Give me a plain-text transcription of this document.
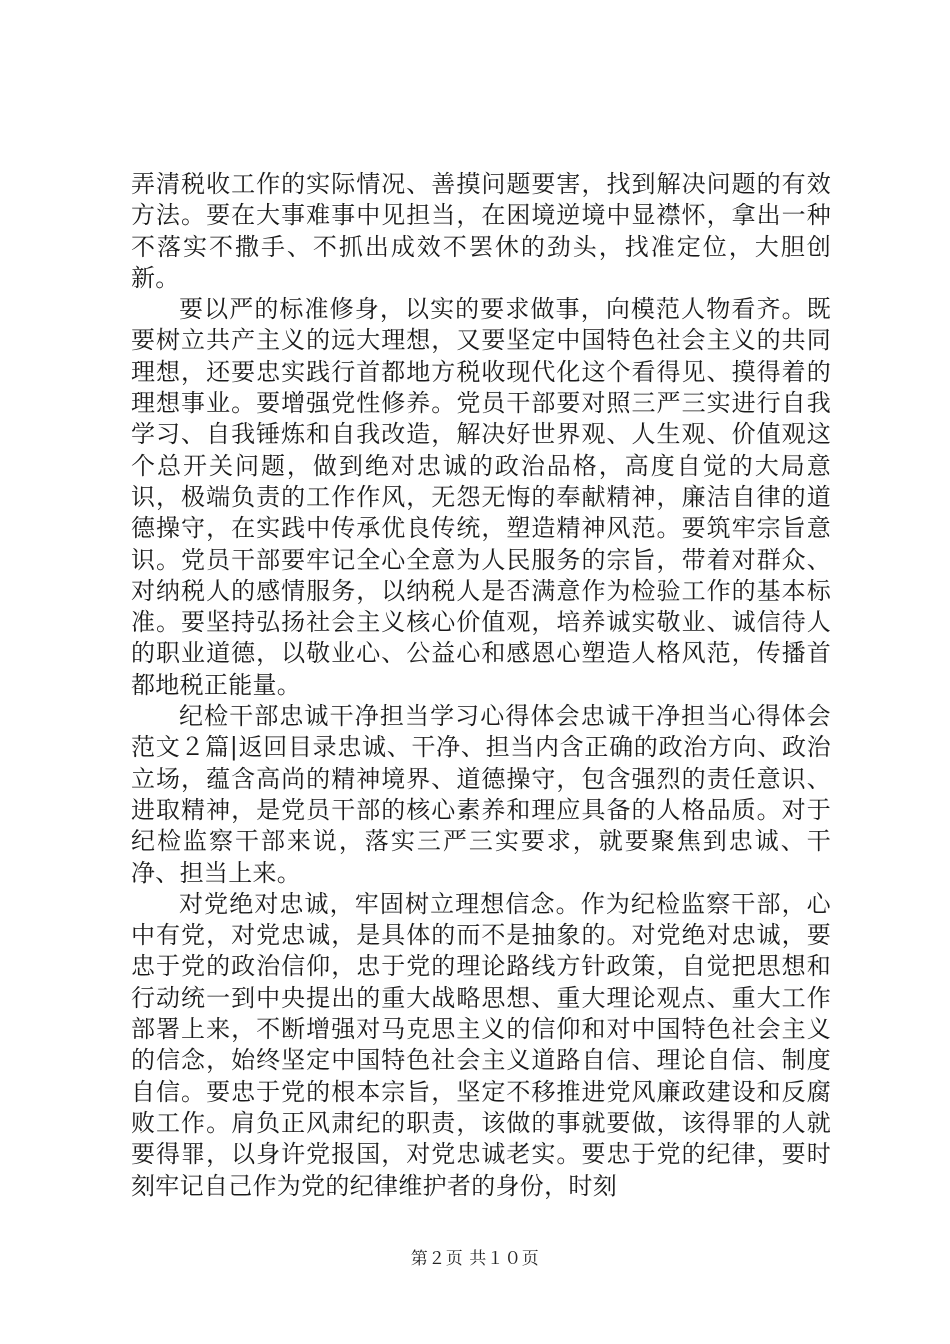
弄清税收工作的实际情况、善摸问题要害，找到解决问题的有效方法。要在大事难事中见担当，在困境逆境中显襟怀，拿出一种不落实不撒手、不抓出成效不罢休的劲头，找准定位，大胆创新。

要以严的标准修身，以实的要求做事，向模范人物看齐。既要树立共产主义的远大理想，又要坚定中国特色社会主义的共同理想，还要忠实践行首都地方税收现代化这个看得见、摸得着的理想事业。要增强党性修养。党员干部要对照三严三实进行自我学习、自我锤炼和自我改造，解决好世界观、人生观、价值观这个总开关问题，做到绝对忠诚的政治品格，高度自觉的大局意识，极端负责的工作作风，无怨无悔的奉献精神，廉洁自律的道德操守，在实践中传承优良传统，塑造精神风范。要筑牢宗旨意识。党员干部要牢记全心全意为人民服务的宗旨，带着对群众、对纳税人的感情服务，以纳税人是否满意作为检验工作的基本标准。要坚持弘扬社会主义核心价值观，培养诚实敬业、诚信待人的职业道德，以敬业心、公益心和感恩心塑造人格风范，传播首都地税正能量。

纪检干部忠诚干净担当学习心得体会忠诚干净担当心得体会范文２篇|返回目录忠诚、干净、担当内含正确的政治方向、政治立场，蕴含高尚的精神境界、道德操守，包含强烈的责任意识、进取精神，是党员干部的核心素养和理应具备的人格品质。对于纪检监察干部来说，落实三严三实要求，就要聚焦到忠诚、干净、担当上来。

对党绝对忠诚，牢固树立理想信念。作为纪检监察干部，心中有党，对党忠诚，是具体的而不是抽象的。对党绝对忠诚，要忠于党的政治信仰，忠于党的理论路线方针政策，自觉把思想和行动统一到中央提出的重大战略思想、重大理论观点、重大工作部署上来，不断增强对马克思主义的信仰和对中国特色社会主义的信念，始终坚定中国特色社会主义道路自信、理论自信、制度自信。要忠于党的根本宗旨，坚定不移推进党风廉政建设和反腐败工作。肩负正风肃纪的职责，该做的事就要做，该得罪的人就要得罪，以身许党报国，对党忠诚老实。要忠于党的纪律，要时刻牢记自己作为党的纪律维护者的身份，时刻

第２页 共１０页
